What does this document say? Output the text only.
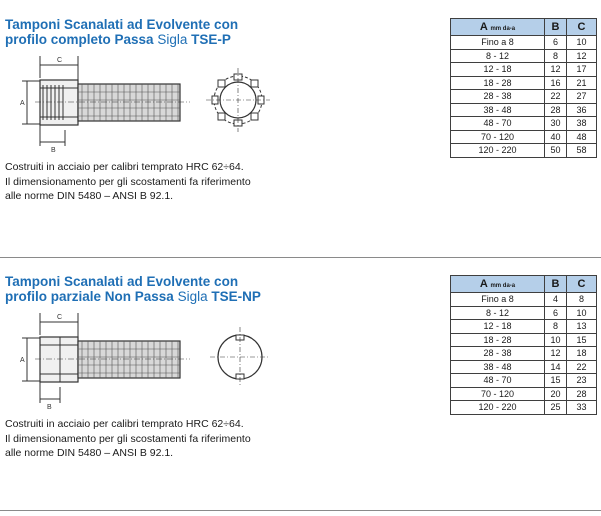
Tamponi Scanalati ad Evolvente con
profilo completo Passa Sigla TSE-P
C
A
B
Costruiti in acciaio per calibri temprato HRC 62÷64.
Il dimensionamento per gli scostamenti fa riferimento
alle norme DIN 5480 – ANSI B 92.1.
A mm da-a	B	C
Fino a 8	6	10
8 - 12	8	12
12 - 18	12	17
18 - 28	16	21
28 - 38	22	27
38 - 48	28	36
48 - 70	30	38
70 - 120	40	48
120 - 220	50	58
Tamponi Scanalati ad Evolvente con
profilo parziale Non Passa Sigla TSE-NP
C
A
B
Costruiti in acciaio per calibri temprato HRC 62÷64.
Il dimensionamento per gli scostamenti fa riferimento
alle norme DIN 5480 – ANSI B 92.1.
A mm da-a	B	C
Fino a 8	4	8
8 - 12	6	10
12 - 18	8	13
18 - 28	10	15
28 - 38	12	18
38 - 48	14	22
48 - 70	15	23
70 - 120	20	28
120 - 220	25	33
